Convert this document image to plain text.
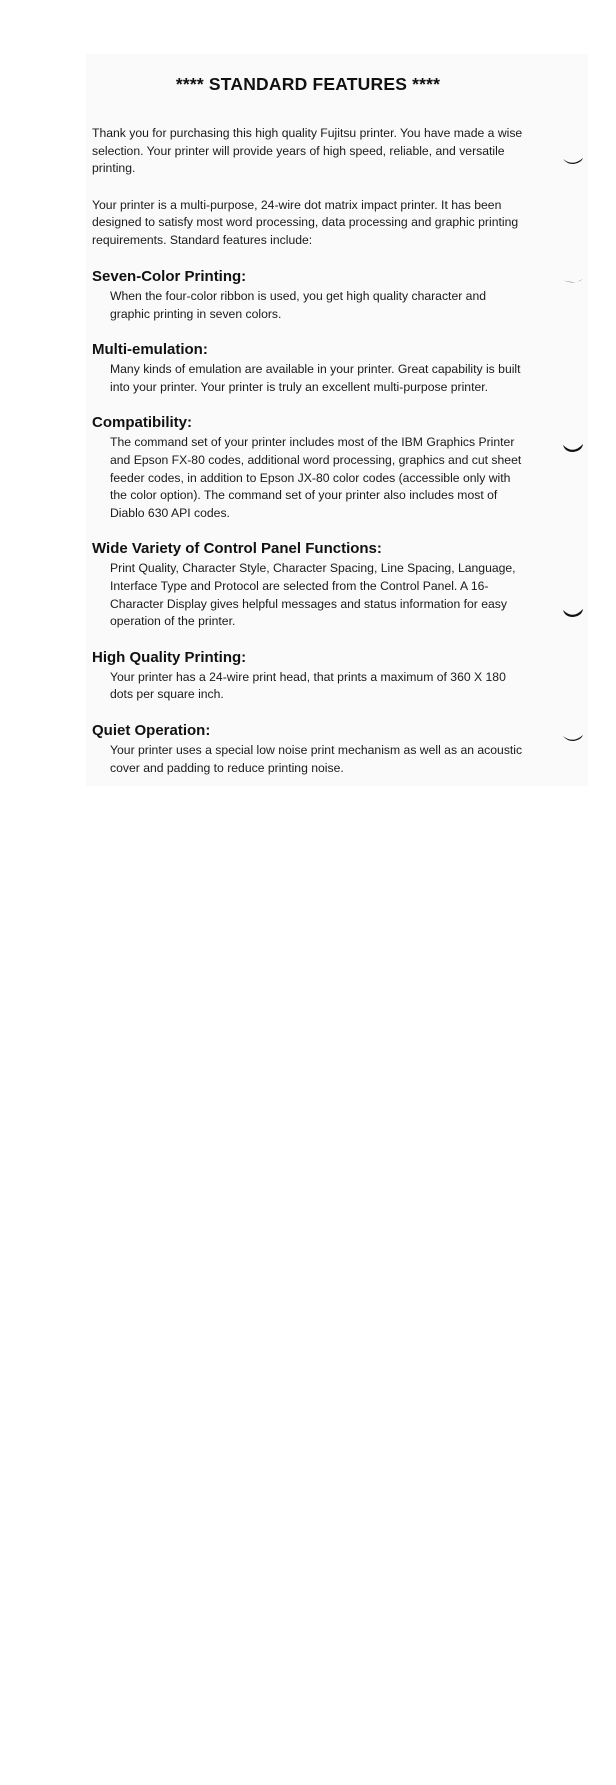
**** STANDARD FEATURES ****

Thank you for purchasing this high quality Fujitsu printer. You have made a wise selection. Your printer will provide years of high speed, reliable, and versatile printing.

Your printer is a multi-purpose, 24-wire dot matrix impact printer. It has been designed to satisfy most word processing, data processing and graphic printing requirements. Standard features include:

Seven-Color Printing:

When the four-color ribbon is used, you get high quality character and graphic printing in seven colors.

Multi-emulation:

Many kinds of emulation are available in your printer. Great capability is built into your printer. Your printer is truly an excellent multi-purpose printer.

Compatibility:

The command set of your printer includes most of the IBM Graphics Printer and Epson FX-80 codes, additional word processing, graphics and cut sheet feeder codes, in addition to Epson JX-80 color codes (accessible only with the color option). The command set of your printer also includes most of Diablo 630 API codes.

Wide Variety of Control Panel Functions:

Print Quality, Character Style, Character Spacing, Line Spacing, Language, Interface Type and Protocol are selected from the Control Panel. A 16-Character Display gives helpful messages and status information for easy operation of the printer.

High Quality Printing:

Your printer has a 24-wire print head, that prints a maximum of 360 X 180 dots per square inch.

Quiet Operation:

Your printer uses a special low noise print mechanism as well as an acoustic cover and padding to reduce printing noise.
